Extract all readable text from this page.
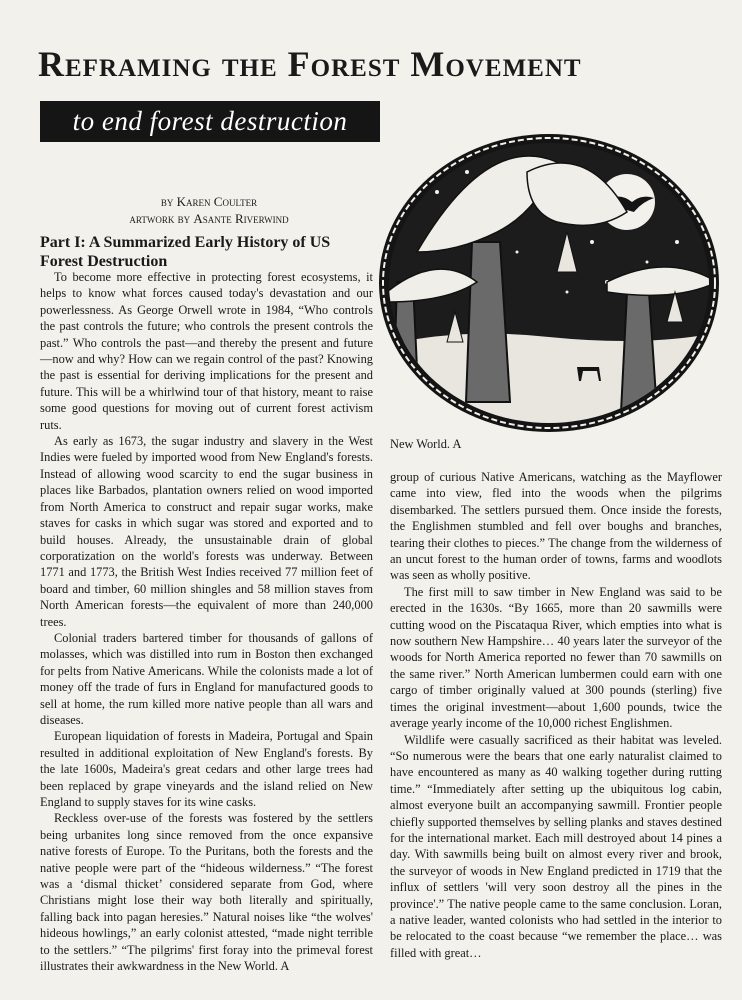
Reframing the Forest Movement
to end forest destruction
by Karen Coulter
artwork by Asante Riverwind
Part I: A Summarized Early History of US Forest Destruction

To become more effective in protecting forest ecosystems, it helps to know what forces caused today's devastation and our powerlessness. As George Orwell wrote in 1984, “Who controls the past controls the future; who controls the present controls the past.” Who controls the past—and thereby the present and future—now and why? How can we regain control of the past? Knowing the past is essential for deriving implications for the present and future. This will be a whirlwind tour of that history, meant to raise some good questions for moving out of current forest activism ruts.

As early as 1673, the sugar industry and slavery in the West Indies were fueled by imported wood from New England's forests. Instead of allowing wood scarcity to end the sugar business in places like Barbados, plantation owners relied on wood imported from North America to construct and repair sugar works, make staves for casks in which sugar was stored and exported and to build houses. Already, the unsustainable drain of global corporatization on the world's forests was underway. Between 1771 and 1773, the British West Indies received 77 million feet of board and timber, 60 million shingles and 58 million staves from North American forests—the equivalent of more than 240,000 trees.

Colonial traders bartered timber for thousands of gallons of molasses, which was distilled into rum in Boston then exchanged for pelts from Native Americans. While the colonists made a lot of money off the trade of furs in England for manufactured goods to sell at home, the rum killed more native people than all wars and diseases.

European liquidation of forests in Madeira, Portugal and Spain resulted in additional exploitation of New England's forests. By the late 1600s, Madeira's great cedars and other large trees had been replaced by grape vineyards and the island relied on New England to supply staves for its wine casks.

Reckless over-use of the forests was fostered by the settlers being urbanites long since removed from the once expansive native forests of Europe. To the Puritans, both the forests and the native people were part of the “hideous wilderness.” “The forest was a ‘dismal thicket’ considered separate from God, where Christians might lose their way both literally and spiritually, falling back into pagan heresies.” Natural noises like “the wolves' hideous howlings,” an early colonist attested, “made night terrible to the settlers.” “The pilgrims' first foray into the primeval forest illustrates their awkwardness in the New World. A

New World. A

group of curious Native Americans, watching as the Mayflower came into view, fled into the woods when the pilgrims disembarked. The settlers pursued them. Once inside the forests, the Englishmen stumbled and fell over boughs and branches, tearing their clothes to pieces.” The change from the wilderness of an uncut forest to the human order of towns, farms and woodlots was seen as wholly positive.

The first mill to saw timber in New England was said to be erected in the 1630s. “By 1665, more than 20 sawmills were cutting wood on the Piscataqua River, which empties into what is now southern New Hampshire… 40 years later the surveyor of the woods for North America reported no fewer than 70 sawmills on the same river.” North American lumbermen could earn with one cargo of timber originally valued at 300 pounds (sterling) five times the original investment—about 1,600 pounds, twice the average yearly income of the 10,000 richest Englishmen.

Wildlife were casually sacrificed as their habitat was leveled. “So numerous were the bears that one early naturalist claimed to have encountered as many as 40 walking together during rutting time.” “Immediately after setting up the ubiquitous log cabin, almost everyone built an accompanying sawmill. Frontier people chiefly supported themselves by selling planks and staves destined for the international market. Each mill destroyed about 14 pines a day. With sawmills being built on almost every river and brook, the surveyor of woods in New England predicted in 1719 that the influx of settlers 'will very soon destroy all the pines in the province'.” The native people came to the same conclusion. Loran, a native leader, wanted colonists who had settled in the interior to be relocated to the coast because “we remember the place… was filled with great…
